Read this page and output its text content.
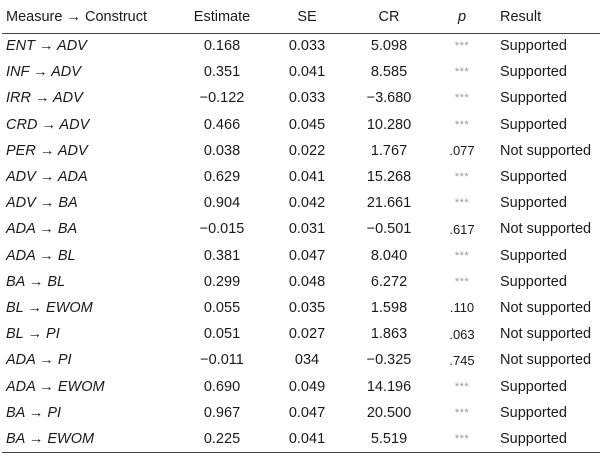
Measure → Construct	Estimate	SE	CR	p	Result
ENT → ADV	0.168	0.033	5.098	***	Supported
INF → ADV	0.351	0.041	8.585	***	Supported
IRR → ADV	−0.122	0.033	−3.680	***	Supported
CRD → ADV	0.466	0.045	10.280	***	Supported
PER → ADV	0.038	0.022	1.767	.077	Not supported
ADV → ADA	0.629	0.041	15.268	***	Supported
ADV → BA	0.904	0.042	21.661	***	Supported
ADA → BA	−0.015	0.031	−0.501	.617	Not supported
ADA → BL	0.381	0.047	8.040	***	Supported
BA → BL	0.299	0.048	6.272	***	Supported
BL → EWOM	0.055	0.035	1.598	.110	Not supported
BL → PI	0.051	0.027	1.863	.063	Not supported
ADA → PI	−0.011	034	−0.325	.745	Not supported
ADA → EWOM	0.690	0.049	14.196	***	Supported
BA → PI	0.967	0.047	20.500	***	Supported
BA → EWOM	0.225	0.041	5.519	***	Supported
